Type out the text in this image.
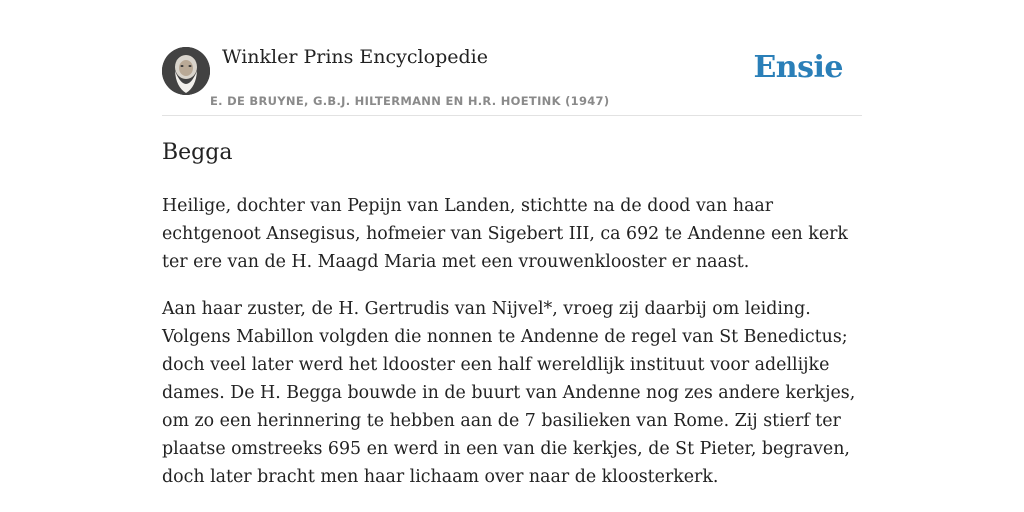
Winkler Prins Encyclopedie
E. DE BRUYNE, G.B.J. HILTERMANN EN H.R. HOETINK (1947)
Ensie
Begga

Heilige, dochter van Pepijn van Landen, stichtte na de dood van haar echtgenoot Ansegisus, hofmeier van Sigebert III, ca 692 te Andenne een kerk ter ere van de H. Maagd Maria met een vrouwenklooster er naast.

Aan haar zuster, de H. Gertrudis van Nijvel*, vroeg zij daarbij om leiding. Volgens Mabillon volgden die nonnen te Andenne de regel van St Benedictus; doch veel later werd het ldooster een half wereldlijk instituut voor adellijke dames. De H. Begga bouwde in de buurt van Andenne nog zes andere kerkjes, om zo een herinnering te hebben aan de 7 basilieken van Rome. Zij stierf ter plaatse omstreeks 695 en werd in een van die kerkjes, de St Pieter, begraven, doch later bracht men haar lichaam over naar de kloosterkerk.
